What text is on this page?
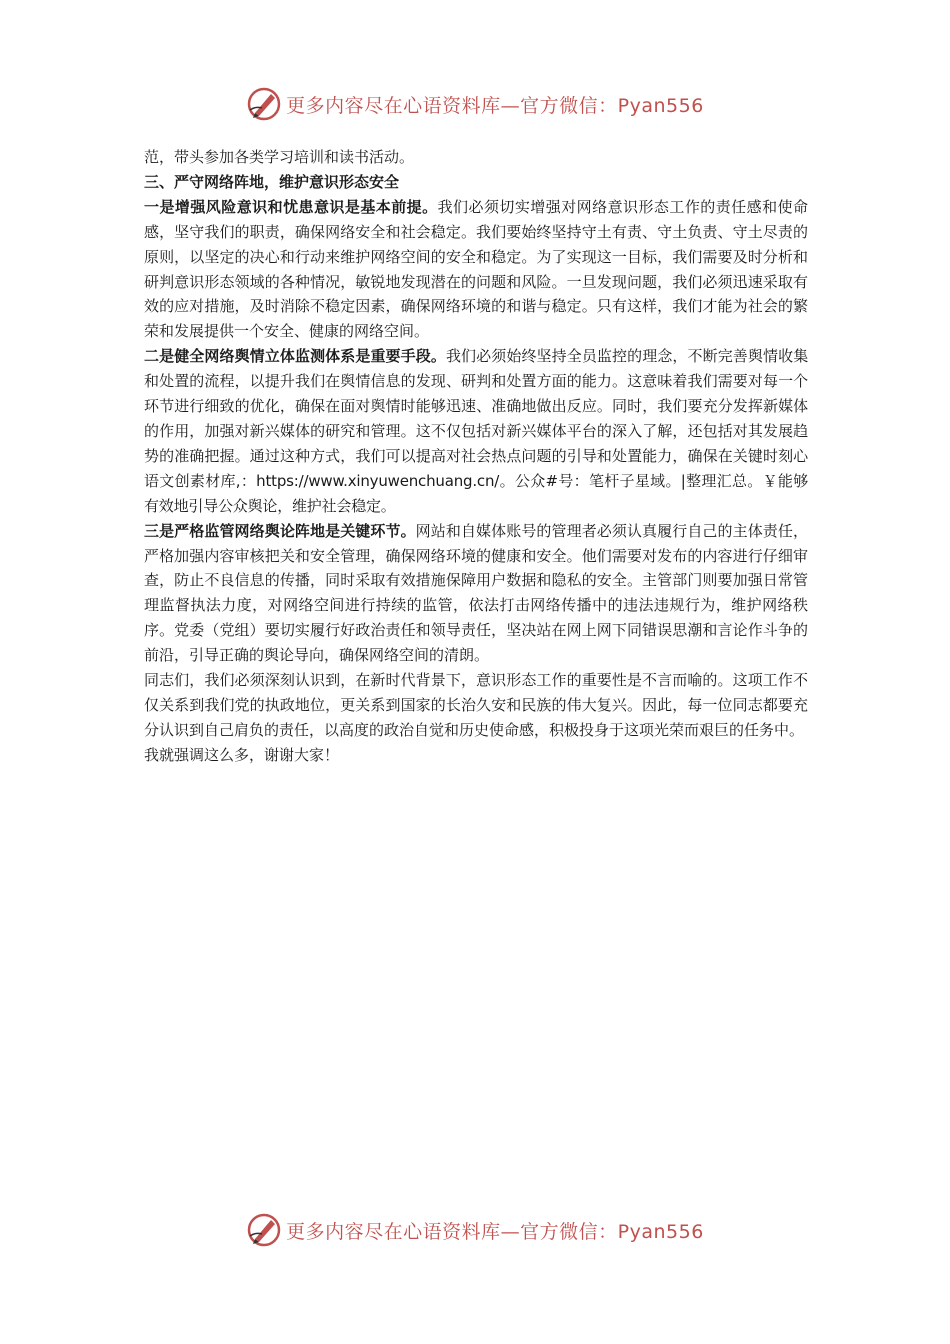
更多内容尽在心语资料库—官方微信：Pyan556

范，带头参加各类学习培训和读书活动。

三、严守网络阵地，维护意识形态安全

一是增强风险意识和忧患意识是基本前提。我们必须切实增强对网络意识形态工作的责任感和使命感，坚守我们的职责，确保网络安全和社会稳定。我们要始终坚持守土有责、守土负责、守土尽责的原则，以坚定的决心和行动来维护网络空间的安全和稳定。为了实现这一目标，我们需要及时分析和研判意识形态领域的各种情况，敏锐地发现潜在的问题和风险。一旦发现问题，我们必须迅速采取有效的应对措施，及时消除不稳定因素，确保网络环境的和谐与稳定。只有这样，我们才能为社会的繁荣和发展提供一个安全、健康的网络空间。

二是健全网络舆情立体监测体系是重要手段。我们必须始终坚持全员监控的理念，不断完善舆情收集和处置的流程，以提升我们在舆情信息的发现、研判和处置方面的能力。这意味着我们需要对每一个环节进行细致的优化，确保在面对舆情时能够迅速、准确地做出反应。同时，我们要充分发挥新媒体的作用，加强对新兴媒体的研究和管理。这不仅包括对新兴媒体平台的深入了解，还包括对其发展趋势的准确把握。通过这种方式，我们可以提高对社会热点问题的引导和处置能力，确保在关键时刻心语文创素材库,：https://www.xinyuwenchuang.cn/。公众#号：笔杆子星域。|整理汇总。￥能够有效地引导公众舆论，维护社会稳定。

三是严格监管网络舆论阵地是关键环节。网站和自媒体账号的管理者必须认真履行自己的主体责任，严格加强内容审核把关和安全管理，确保网络环境的健康和安全。他们需要对发布的内容进行仔细审查，防止不良信息的传播，同时采取有效措施保障用户数据和隐私的安全。主管部门则要加强日常管理监督执法力度，对网络空间进行持续的监管，依法打击网络传播中的违法违规行为，维护网络秩序。党委（党组）要切实履行好政治责任和领导责任，坚决站在网上网下同错误思潮和言论作斗争的前沿，引导正确的舆论导向，确保网络空间的清朗。

同志们，我们必须深刻认识到，在新时代背景下，意识形态工作的重要性是不言而喻的。这项工作不仅关系到我们党的执政地位，更关系到国家的长治久安和民族的伟大复兴。因此，每一位同志都要充分认识到自己肩负的责任，以高度的政治自觉和历史使命感，积极投身于这项光荣而艰巨的任务中。

我就强调这么多，谢谢大家！

更多内容尽在心语资料库—官方微信：Pyan556
